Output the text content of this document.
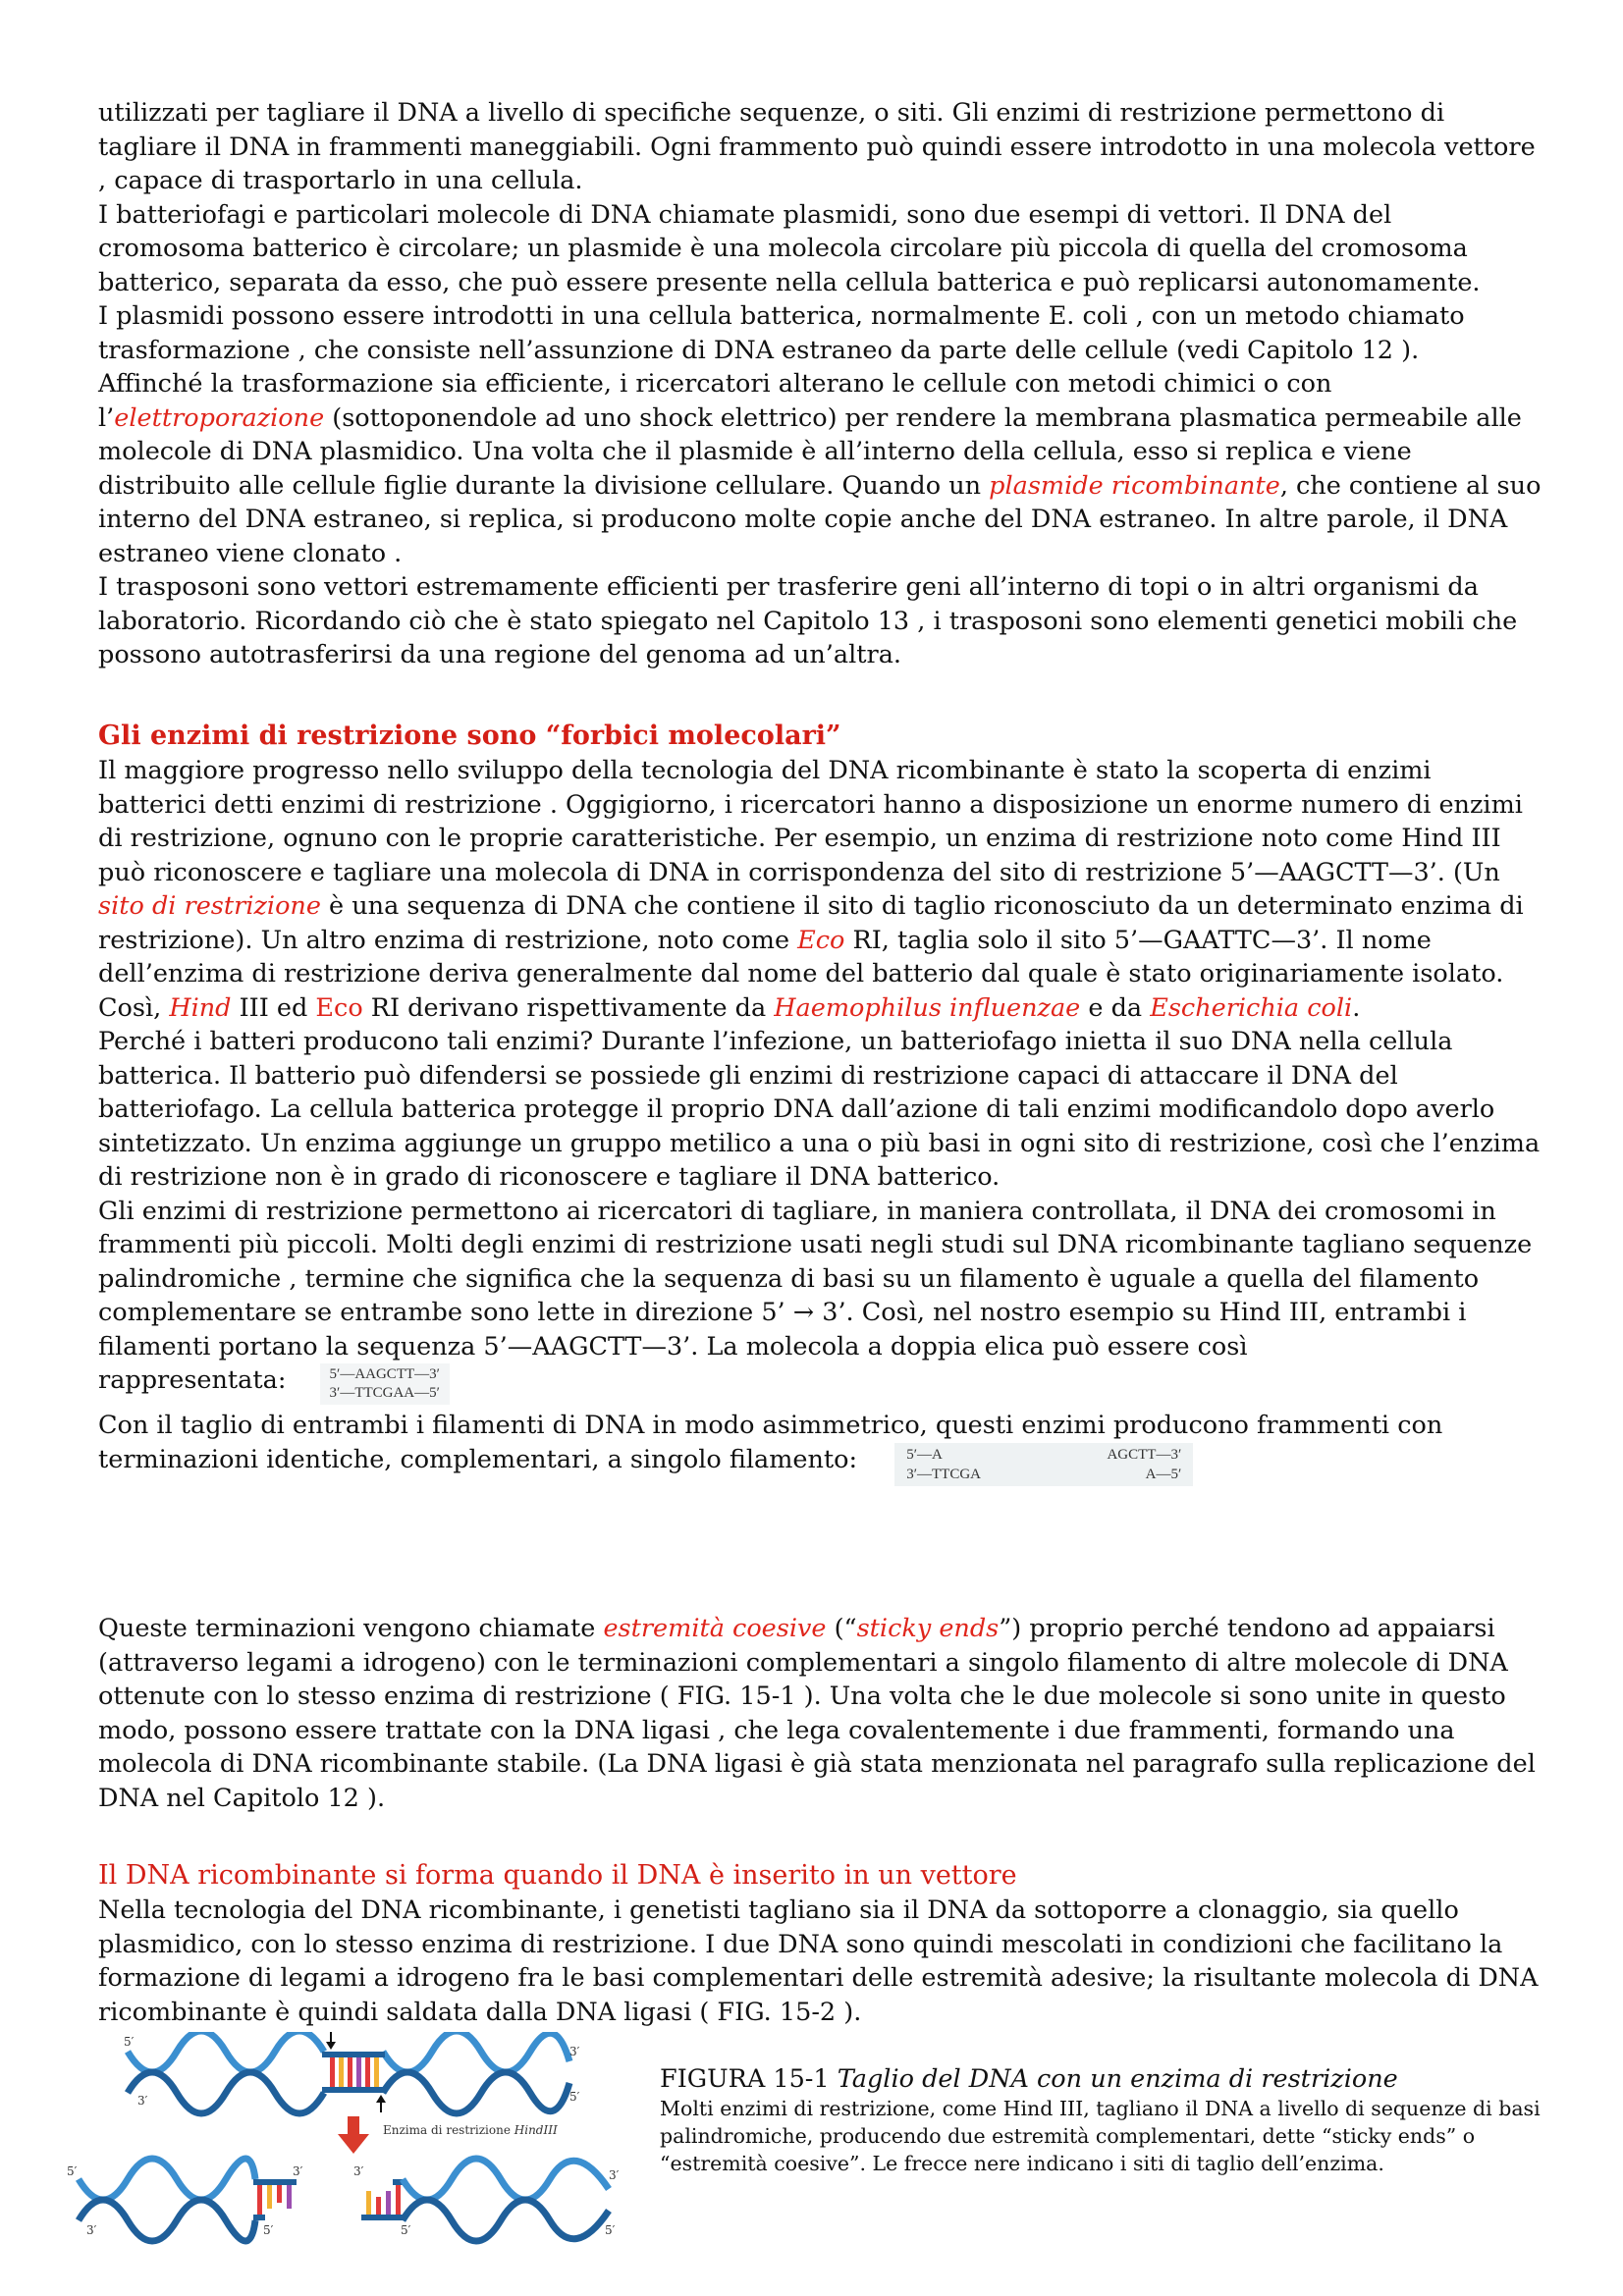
utilizzati per tagliare il DNA a livello di specifiche sequenze, o siti. Gli enzimi di restrizione permettono di tagliare il DNA in frammenti maneggiabili. Ogni frammento può quindi essere introdotto in una molecola vettore , capace di trasportarlo in una cellula.

I batteriofagi e particolari molecole di DNA chiamate plasmidi, sono due esempi di vettori. Il DNA del cromosoma batterico è circolare; un plasmide è una molecola circolare più piccola di quella del cromosoma batterico, separata da esso, che può essere presente nella cellula batterica e può replicarsi autonomamente.

I plasmidi possono essere introdotti in una cellula batterica, normalmente E. coli , con un metodo chiamato trasformazione , che consiste nell’assunzione di DNA estraneo da parte delle cellule (vedi Capitolo 12 ).

Affinché la trasformazione sia efficiente, i ricercatori alterano le cellule con metodi chimici o con l’elettroporazione (sottoponendole ad uno shock elettrico) per rendere la membrana plasmatica permeabile alle molecole di DNA plasmidico. Una volta che il plasmide è all’interno della cellula, esso si replica e viene distribuito alle cellule figlie durante la divisione cellulare. Quando un plasmide ricombinante, che contiene al suo interno del DNA estraneo, si replica, si producono molte copie anche del DNA estraneo. In altre parole, il DNA estraneo viene clonato .

I trasposoni sono vettori estremamente efficienti per trasferire geni all’interno di topi o in altri organismi da laboratorio. Ricordando ciò che è stato spiegato nel Capitolo 13 , i trasposoni sono elementi genetici mobili che possono autotrasferirsi da una regione del genoma ad un’altra.

Gli enzimi di restrizione sono “forbici molecolari”

Il maggiore progresso nello sviluppo della tecnologia del DNA ricombinante è stato la scoperta di enzimi batterici detti enzimi di restrizione . Oggigiorno, i ricercatori hanno a disposizione un enorme numero di enzimi di restrizione, ognuno con le proprie caratteristiche. Per esempio, un enzima di restrizione noto come Hind III può riconoscere e tagliare una molecola di DNA in corrispondenza del sito di restrizione 5’—AAGCTT—3’. (Un sito di restrizione è una sequenza di DNA che contiene il sito di taglio riconosciuto da un determinato enzima di restrizione). Un altro enzima di restrizione, noto come Eco RI, taglia solo il sito 5’—GAATTC—3’. Il nome dell’enzima di restrizione deriva generalmente dal nome del batterio dal quale è stato originariamente isolato. Così, Hind III ed Eco RI derivano rispettivamente da Haemophilus influenzae e da Escherichia coli.

Perché i batteri producono tali enzimi? Durante l’infezione, un batteriofago inietta il suo DNA nella cellula batterica. Il batterio può difendersi se possiede gli enzimi di restrizione capaci di attaccare il DNA del batteriofago. La cellula batterica protegge il proprio DNA dall’azione di tali enzimi modificandolo dopo averlo sintetizzato. Un enzima aggiunge un gruppo metilico a una o più basi in ogni sito di restrizione, così che l’enzima di restrizione non è in grado di riconoscere e tagliare il DNA batterico.

Gli enzimi di restrizione permettono ai ricercatori di tagliare, in maniera controllata, il DNA dei cromosomi in frammenti più piccoli. Molti degli enzimi di restrizione usati negli studi sul DNA ricombinante tagliano sequenze palindromiche , termine che significa che la sequenza di basi su un filamento è uguale a quella del filamento complementare se entrambe sono lette in direzione 5’ → 3’. Così, nel nostro esempio su Hind III, entrambi i filamenti portano la sequenza 5’—AAGCTT—3’. La molecola a doppia elica può essere così

rappresentata:	5′—AAGCTT—3′
3′—TTCGAA—5′

Con il taglio di entrambi i filamenti di DNA in modo asimmetrico, questi enzimi producono frammenti con terminazioni identiche, complementari, a singolo filamento:	5′—A	AGCTT—3′
3′—TTCGA	A—5′

Queste terminazioni vengono chiamate estremità coesive (“sticky ends”) proprio perché tendono ad appaiarsi (attraverso legami a idrogeno) con le terminazioni complementari a singolo filamento di altre molecole di DNA ottenute con lo stesso enzima di restrizione ( FIG. 15-1 ). Una volta che le due molecole si sono unite in questo modo, possono essere trattate con la DNA ligasi , che lega covalentemente i due frammenti, formando una molecola di DNA ricombinante stabile. (La DNA ligasi è già stata menzionata nel paragrafo sulla replicazione del DNA nel Capitolo 12 ).

Il DNA ricombinante si forma quando il DNA è inserito in un vettore

Nella tecnologia del DNA ricombinante, i genetisti tagliano sia il DNA da sottoporre a clonaggio, sia quello plasmidico, con lo stesso enzima di restrizione. I due DNA sono quindi mescolati in condizioni che facilitano la formazione di legami a idrogeno fra le basi complementari delle estremità adesive; la risultante molecola di DNA ricombinante è quindi saldata dalla DNA ligasi ( FIG. 15-2 ).

5′
3′
3′
5′
Enzima di restrizione HindIII
5′
3′
3′
5′
3′
5′
3′
5′
FIGURA 15-1 Taglio del DNA con un enzima di restrizione
Molti enzimi di restrizione, come Hind III, tagliano il DNA a livello di sequenze di basi palindromiche, producendo due estremità complementari, dette “sticky ends” o “estremità coesive”. Le frecce nere indicano i siti di taglio dell’enzima.
